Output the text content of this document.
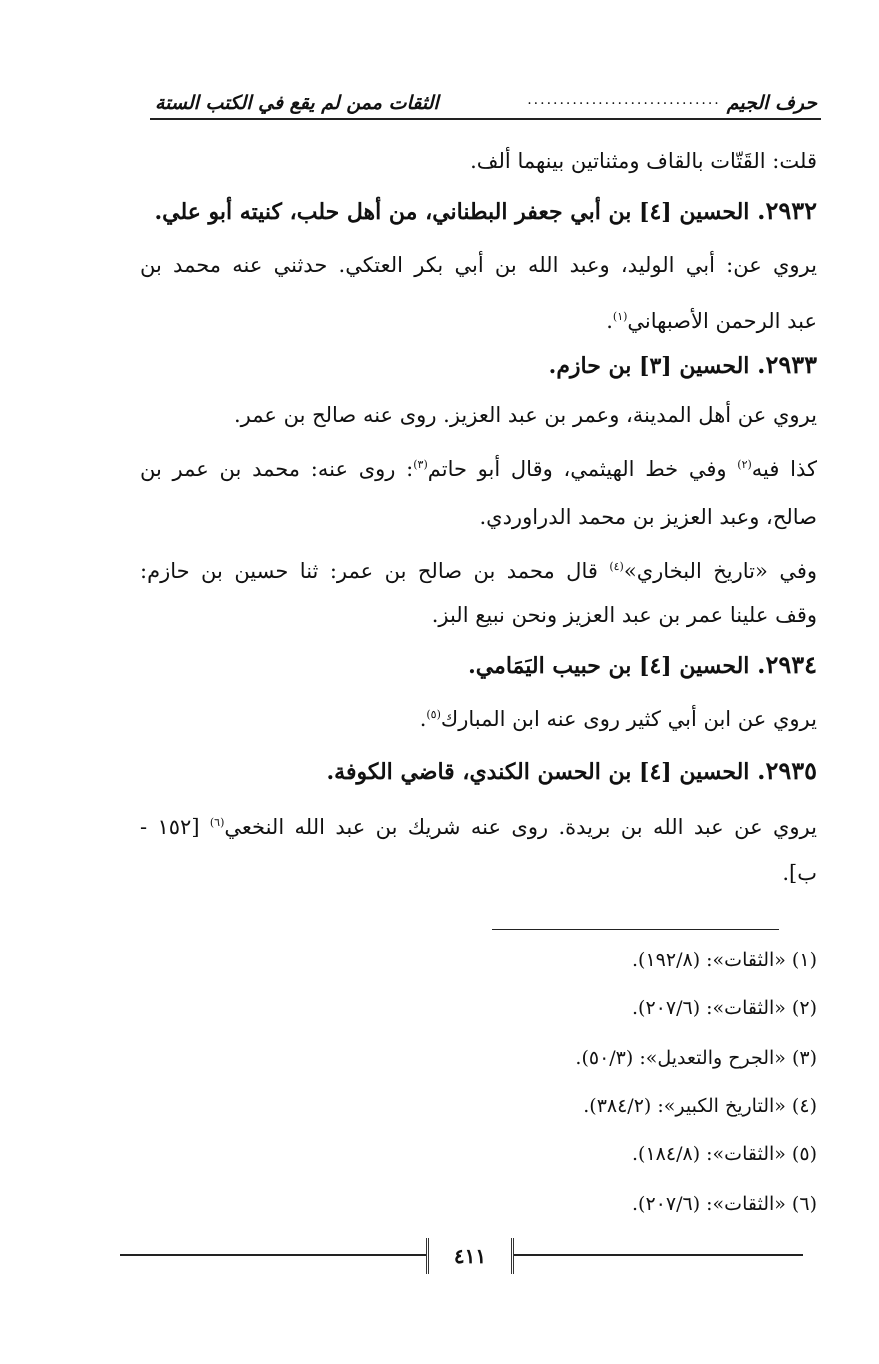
حرف الجيم
..............................
الثقات ممن لم يقع في الكتب الستة
قلت: القَتّات بالقاف ومثناتين بينهما ألف.
٢٩٣٢. الحسين [٤] بن أبي جعفر البطناني، من أهل حلب، كنيته أبو علي.
يروي عن: أبي الوليد، وعبد الله بن أبي بكر العتكي. حدثني عنه محمد بن
عبد الرحمن الأصبهاني$^{(١)}$.
٢٩٣٣. الحسين [٣] بن حازم.
يروي عن أهل المدينة، وعمر بن عبد العزيز. روى عنه صالح بن عمر.
كذا فيه$^{(٢)}$ وفي خط الهيثمي، وقال أبو حاتم$^{(٣)}$: روى عنه: محمد بن عمر بن
صالح، وعبد العزيز بن محمد الدراوردي.
وفي «تاريخ البخاري»$^{(٤)}$ قال محمد بن صالح بن عمر: ثنا حسين بن حازم:
وقف علينا عمر بن عبد العزيز ونحن نبيع البز.
٢٩٣٤. الحسين [٤] بن حبيب اليَمَامي.
يروي عن ابن أبي كثير روى عنه ابن المبارك$^{(٥)}$.
٢٩٣٥. الحسين [٤] بن الحسن الكندي، قاضي الكوفة.
يروي عن عبد الله بن بريدة. روى عنه شريك بن عبد الله النخعي$^{(٦)}$ [١٥٢ -
ب].
(١) «الثقات»: (١٩٢/٨).
(٢) «الثقات»: (٢٠٧/٦).
(٣) «الجرح والتعديل»: (٥٠/٣).
(٤) «التاريخ الكبير»: (٣٨٤/٢).
(٥) «الثقات»: (١٨٤/٨).
(٦) «الثقات»: (٢٠٧/٦).
٤١١
